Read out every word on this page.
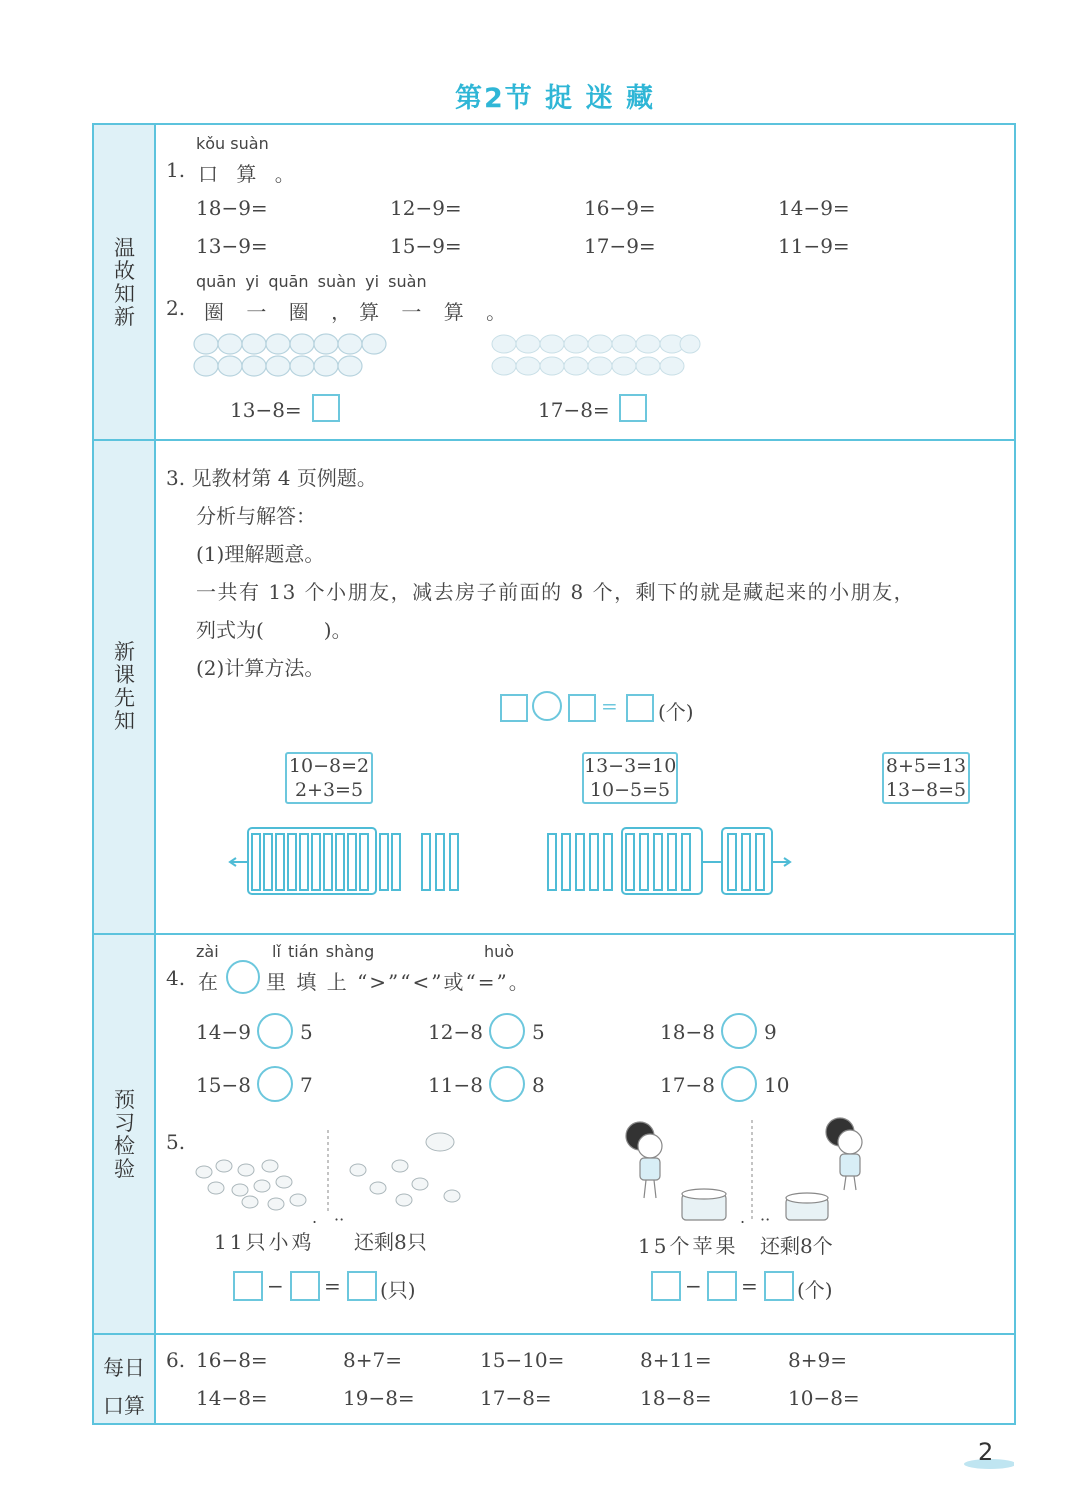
第2节 捉 迷 藏
温故知新
新课先知
预习检验
每日口算
kǒu suàn
1. 口 算 。
18−9=	12−9=	16−9=	14−9=
13−9=	15−9=	17−9=	11−9=
quān yi quān suàn yi suàn
2. 圈 一 圈 ，算 一 算 。
13−8=	17−8=
3. 见教材第 4 页例题。
分析与解答：
(1)理解题意。
一共有 13 个小朋友，减去房子前面的 8 个，剩下的就是藏起来的小朋友，
列式为(　　　)。
(2)计算方法。
= (个)
10−8=2
2+3=5
13−3=10
10−5=5
8+5=13
13−8=5
zài	lǐ tián shàng	huò
4. 在 里 填 上 “>”“<”或“=”。
14−9 5	12−8 5	18−8 9
15−8 7	11−8 8	17−8 10
5.
11只小鸡
. ··
还剩8只	15个苹果
. ··
还剩8个
− = (只)	− = (个)
6. 16−8=	8+7=	15−10=	8+11=	8+9=
14−8=	19−8=	17−8=	18−8=	10−8=
2
